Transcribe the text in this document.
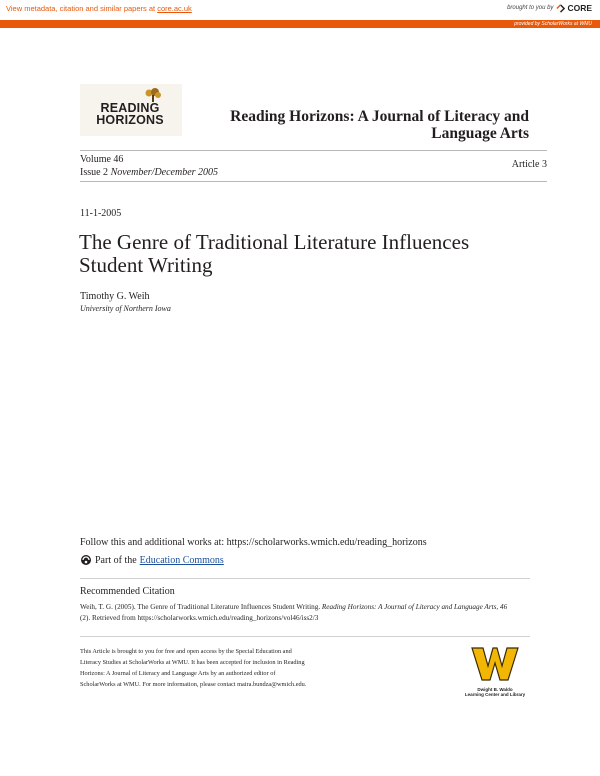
View metadata, citation and similar papers at core.ac.uk	brought to you by CORE
provided by ScholarWorks at WMU
READING
HORIZONS	Reading Horizons: A Journal of Literacy and Language Arts
Volume 46
Issue 2 November/December 2005
Article 3
11-1-2005
The Genre of Traditional Literature Influences Student Writing
Timothy G. Weih
University of Northern Iowa
Follow this and additional works at: https://scholarworks.wmich.edu/reading_horizons
Part of the Education Commons
Recommended Citation
Weih, T. G. (2005). The Genre of Traditional Literature Influences Student Writing. Reading Horizons: A Journal of Literacy and Language Arts, 46 (2). Retrieved from https://scholarworks.wmich.edu/reading_horizons/vol46/iss2/3
This Article is brought to you for free and open access by the Special Education and Literacy Studies at ScholarWorks at WMU. It has been accepted for inclusion in Reading Horizons: A Journal of Literacy and Language Arts by an authorized editor of ScholarWorks at WMU. For more information, please contact maira.bundza@wmich.edu.
Dwight B. Waldo
Learning Center and Library
